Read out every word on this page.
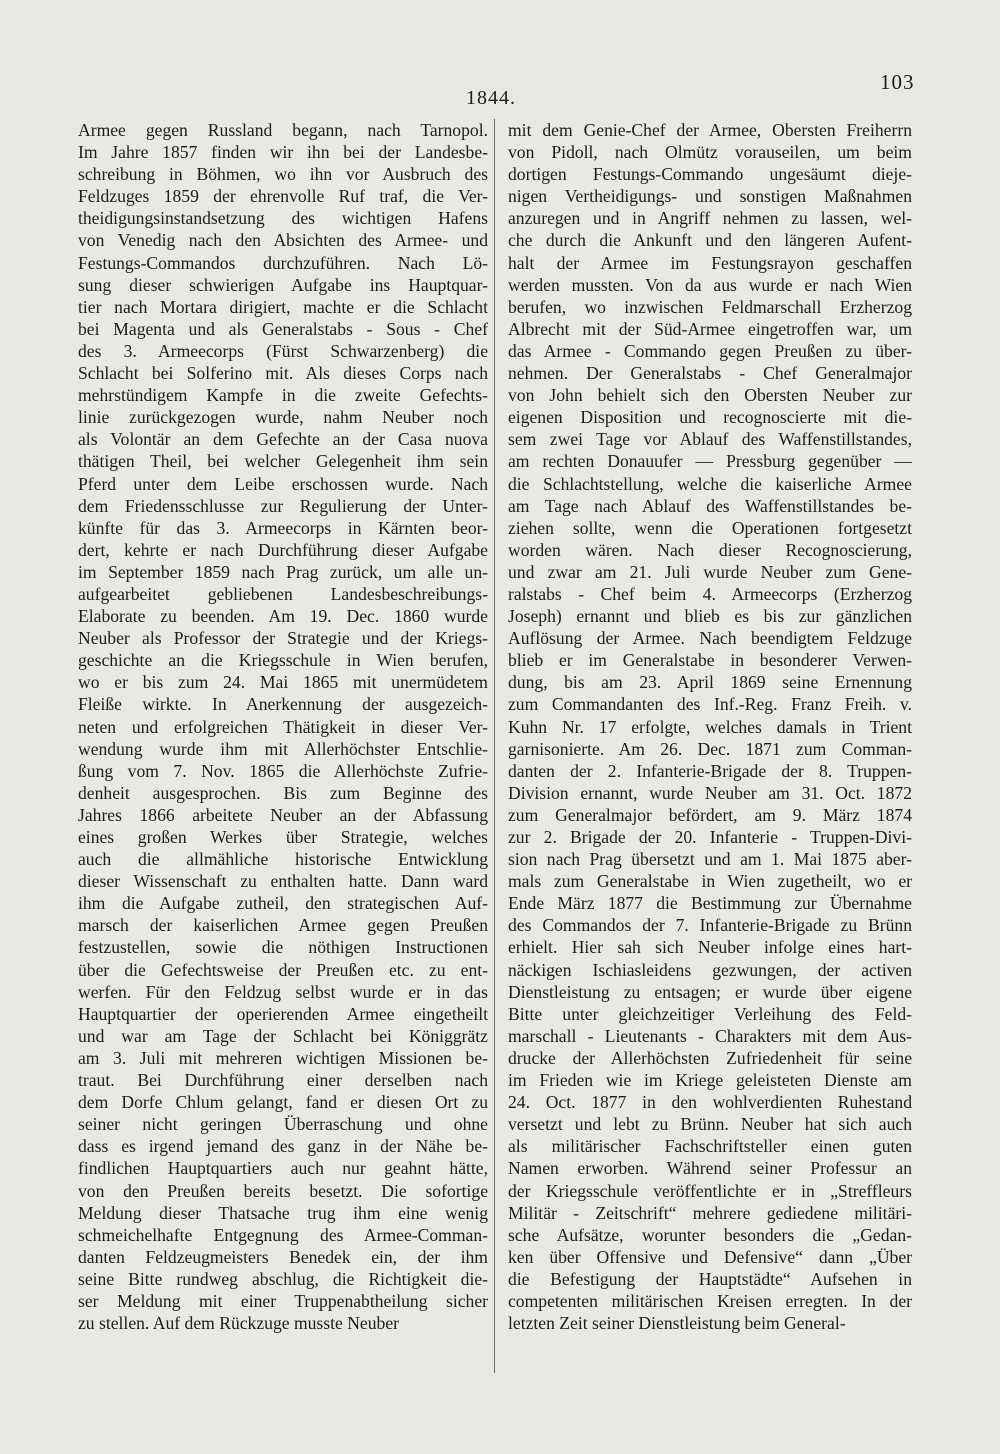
1844.
103
Armee gegen Russland begann, nach Tarnopol.
Im Jahre 1857 finden wir ihn bei der Landesbe-
schreibung in Böhmen, wo ihn vor Ausbruch des
Feldzuges 1859 der ehrenvolle Ruf traf, die Ver-
theidigungsinstandsetzung des wichtigen Hafens
von Venedig nach den Absichten des Armee- und
Festungs-Commandos durchzuführen. Nach Lö-
sung dieser schwierigen Aufgabe ins Hauptquar-
tier nach Mortara dirigiert, machte er die Schlacht
bei Magenta und als Generalstabs - Sous - Chef
des 3. Armeecorps (Fürst Schwarzenberg) die
Schlacht bei Solferino mit. Als dieses Corps nach
mehrstündigem Kampfe in die zweite Gefechts-
linie zurückgezogen wurde, nahm Neuber noch
als Volontär an dem Gefechte an der Casa nuova
thätigen Theil, bei welcher Gelegenheit ihm sein
Pferd unter dem Leibe erschossen wurde. Nach
dem Friedensschlusse zur Regulierung der Unter-
künfte für das 3. Armeecorps in Kärnten beor-
dert, kehrte er nach Durchführung dieser Aufgabe
im September 1859 nach Prag zurück, um alle un-
aufgearbeitet gebliebenen Landesbeschreibungs-
Elaborate zu beenden. Am 19. Dec. 1860 wurde
Neuber als Professor der Strategie und der Kriegs-
geschichte an die Kriegsschule in Wien berufen,
wo er bis zum 24. Mai 1865 mit unermüdetem
Fleiße wirkte. In Anerkennung der ausgezeich-
neten und erfolgreichen Thätigkeit in dieser Ver-
wendung wurde ihm mit Allerhöchster Entschlie-
ßung vom 7. Nov. 1865 die Allerhöchste Zufrie-
denheit ausgesprochen. Bis zum Beginne des
Jahres 1866 arbeitete Neuber an der Abfassung
eines großen Werkes über Strategie, welches
auch die allmähliche historische Entwicklung
dieser Wissenschaft zu enthalten hatte. Dann ward
ihm die Aufgabe zutheil, den strategischen Auf-
marsch der kaiserlichen Armee gegen Preußen
festzustellen, sowie die nöthigen Instructionen
über die Gefechtsweise der Preußen etc. zu ent-
werfen. Für den Feldzug selbst wurde er in das
Hauptquartier der operierenden Armee eingetheilt
und war am Tage der Schlacht bei Königgrätz
am 3. Juli mit mehreren wichtigen Missionen be-
traut. Bei Durchführung einer derselben nach
dem Dorfe Chlum gelangt, fand er diesen Ort zu
seiner nicht geringen Überraschung und ohne
dass es irgend jemand des ganz in der Nähe be-
findlichen Hauptquartiers auch nur geahnt hätte,
von den Preußen bereits besetzt. Die sofortige
Meldung dieser Thatsache trug ihm eine wenig
schmeichelhafte Entgegnung des Armee-Comman-
danten Feldzeugmeisters Benedek ein, der ihm
seine Bitte rundweg abschlug, die Richtigkeit die-
ser Meldung mit einer Truppenabtheilung sicher
zu stellen. Auf dem Rückzuge musste Neuber
mit dem Genie-Chef der Armee, Obersten Freiherrn
von Pidoll, nach Olmütz vorauseilen, um beim
dortigen Festungs-Commando ungesäumt dieje-
nigen Vertheidigungs- und sonstigen Maßnahmen
anzuregen und in Angriff nehmen zu lassen, wel-
che durch die Ankunft und den längeren Aufent-
halt der Armee im Festungsrayon geschaffen
werden mussten. Von da aus wurde er nach Wien
berufen, wo inzwischen Feldmarschall Erzherzog
Albrecht mit der Süd-Armee eingetroffen war, um
das Armee - Commando gegen Preußen zu über-
nehmen. Der Generalstabs - Chef Generalmajor
von John behielt sich den Obersten Neuber zur
eigenen Disposition und recognoscierte mit die-
sem zwei Tage vor Ablauf des Waffenstillstandes,
am rechten Donauufer — Pressburg gegenüber —
die Schlachtstellung, welche die kaiserliche Armee
am Tage nach Ablauf des Waffenstillstandes be-
ziehen sollte, wenn die Operationen fortgesetzt
worden wären. Nach dieser Recognoscierung,
und zwar am 21. Juli wurde Neuber zum Gene-
ralstabs - Chef beim 4. Armeecorps (Erzherzog
Joseph) ernannt und blieb es bis zur gänzlichen
Auflösung der Armee. Nach beendigtem Feldzuge
blieb er im Generalstabe in besonderer Verwen-
dung, bis am 23. April 1869 seine Ernennung
zum Commandanten des Inf.-Reg. Franz Freih. v.
Kuhn Nr. 17 erfolgte, welches damals in Trient
garnisonierte. Am 26. Dec. 1871 zum Comman-
danten der 2. Infanterie-Brigade der 8. Truppen-
Division ernannt, wurde Neuber am 31. Oct. 1872
zum Generalmajor befördert, am 9. März 1874
zur 2. Brigade der 20. Infanterie - Truppen-Divi-
sion nach Prag übersetzt und am 1. Mai 1875 aber-
mals zum Generalstabe in Wien zugetheilt, wo er
Ende März 1877 die Bestimmung zur Übernahme
des Commandos der 7. Infanterie-Brigade zu Brünn
erhielt. Hier sah sich Neuber infolge eines hart-
näckigen Ischiasleidens gezwungen, der activen
Dienstleistung zu entsagen; er wurde über eigene
Bitte unter gleichzeitiger Verleihung des Feld-
marschall - Lieutenants - Charakters mit dem Aus-
drucke der Allerhöchsten Zufriedenheit für seine
im Frieden wie im Kriege geleisteten Dienste am
24. Oct. 1877 in den wohlverdienten Ruhestand
versetzt und lebt zu Brünn. Neuber hat sich auch
als militärischer Fachschriftsteller einen guten
Namen erworben. Während seiner Professur an
der Kriegsschule veröffentlichte er in „Streffleurs
Militär - Zeitschrift“ mehrere gediedene militäri-
sche Aufsätze, worunter besonders die „Gedan-
ken über Offensive und Defensive“ dann „Über
die Befestigung der Hauptstädte“ Aufsehen in
competenten militärischen Kreisen erregten. In der
letzten Zeit seiner Dienstleistung beim General-
